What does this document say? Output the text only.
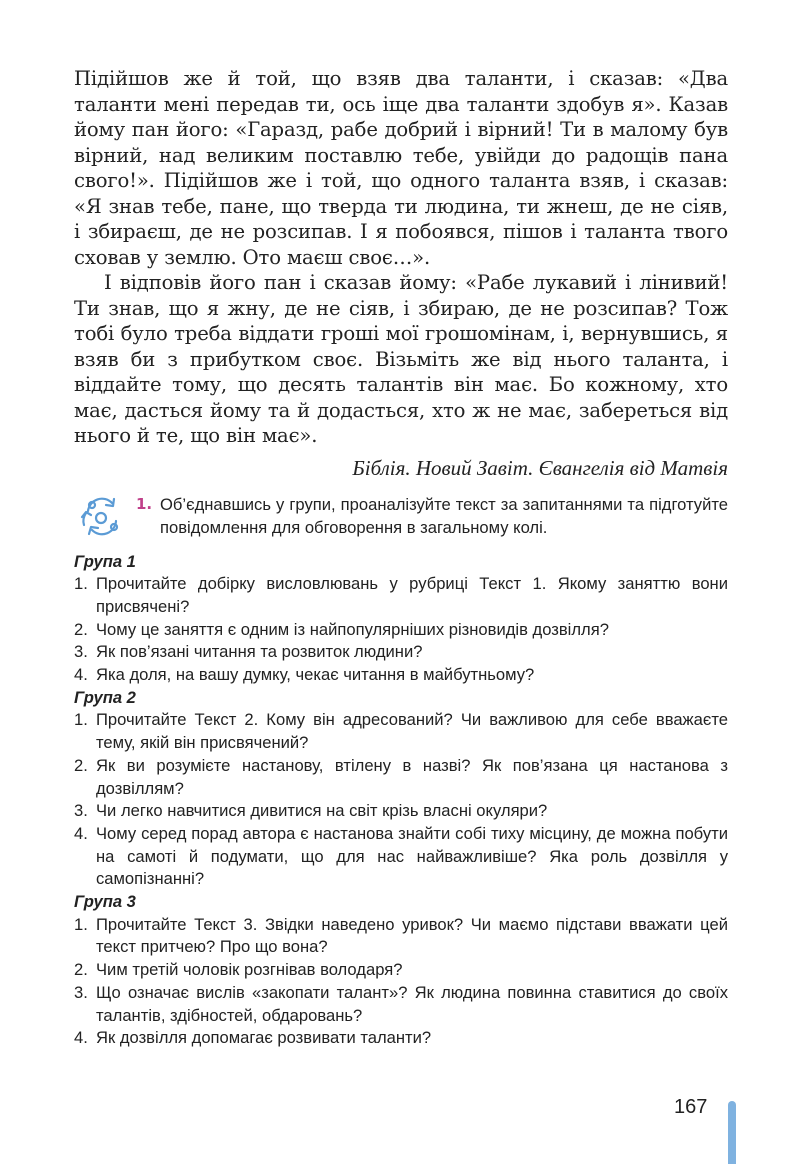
Підійшов же й той, що взяв два таланти, і сказав: «Два таланти мені передав ти, ось іще два таланти здобув я». Казав йому пан його: «Гаразд, рабе добрий і вірний! Ти в малому був вірний, над великим поставлю тебе, увійди до радощів пана свого!». Підійшов же і той, що одного таланта взяв, і сказав: «Я знав тебе, пане, що тверда ти людина, ти жнеш, де не сіяв, і збираєш, де не розсипав. І я побоявся, пішов і таланта твого сховав у землю. Ото маєш своє…».

І відповів його пан і сказав йому: «Рабе лукавий і лінивий! Ти знав, що я жну, де не сіяв, і збираю, де не розсипав? Тож тобі було треба віддати гроші мої грошомінам, і, вернувшись, я взяв би з прибутком своє. Візьміть же від нього таланта, і віддайте тому, що десять талантів він має. Бо кожному, хто має, дасться йому та й додасться, хто ж не має, забереться від нього й те, що він має».

Біблія. Новий Завіт. Євангелія від Матвія

1. Об’єднавшись у групи, проаналізуйте текст за запитаннями та підготуйте повідомлення для обговорення в загальному колі.

Група 1

1. Прочитайте добірку висловлювань у рубриці Текст 1. Якому заняттю вони присвячені?
2. Чому це заняття є одним із найпопулярніших різновидів дозвілля?
3. Як пов’язані читання та розвиток людини?
4. Яка доля, на вашу думку, чекає читання в майбутньому?

Група 2

1. Прочитайте Текст 2. Кому він адресований? Чи важливою для себе вважаєте тему, якій він присвячений?
2. Як ви розумієте настанову, втілену в назві? Як пов’язана ця настанова з дозвіллям?
3. Чи легко навчитися дивитися на світ крізь власні окуляри?
4. Чому серед порад автора є настанова знайти собі тиху місцину, де можна побути на самоті й подумати, що для нас найважливіше? Яка роль дозвілля у самопізнанні?

Група 3

1. Прочитайте Текст 3. Звідки наведено уривок? Чи маємо підстави вважати цей текст притчею? Про що вона?
2. Чим третій чоловік розгнівав володаря?
3. Що означає вислів «закопати талант»? Як людина повинна ставитися до своїх талантів, здібностей, обдаровань?
4. Як дозвілля допомагає розвивати таланти?
167
